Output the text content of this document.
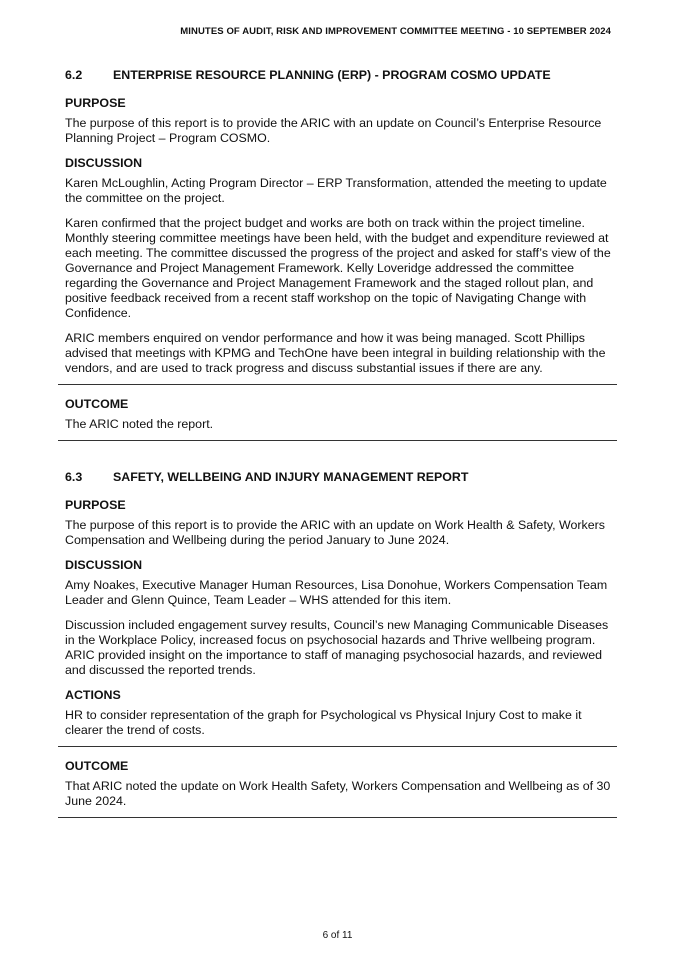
MINUTES OF AUDIT, RISK AND IMPROVEMENT COMMITTEE MEETING - 10 SEPTEMBER 2024
6.2	ENTERPRISE RESOURCE PLANNING (ERP) - PROGRAM COSMO UPDATE
PURPOSE

The purpose of this report is to provide the ARIC with an update on Council’s Enterprise Resource Planning Project – Program COSMO.

DISCUSSION

Karen McLoughlin, Acting Program Director – ERP Transformation, attended the meeting to update the committee on the project.

Karen confirmed that the project budget and works are both on track within the project timeline. Monthly steering committee meetings have been held, with the budget and expenditure reviewed at each meeting. The committee discussed the progress of the project and asked for staff’s view of the Governance and Project Management Framework. Kelly Loveridge addressed the committee regarding the Governance and Project Management Framework and the staged rollout plan, and positive feedback received from a recent staff workshop on the topic of Navigating Change with Confidence.

ARIC members enquired on vendor performance and how it was being managed. Scott Phillips advised that meetings with KPMG and TechOne have been integral in building relationship with the vendors, and are used to track progress and discuss substantial issues if there are any.

OUTCOME

The ARIC noted the report.

6.3	SAFETY, WELLBEING AND INJURY MANAGEMENT REPORT
PURPOSE

The purpose of this report is to provide the ARIC with an update on Work Health & Safety, Workers Compensation and Wellbeing during the period January to June 2024.

DISCUSSION

Amy Noakes, Executive Manager Human Resources, Lisa Donohue, Workers Compensation Team Leader and Glenn Quince, Team Leader – WHS attended for this item.

Discussion included engagement survey results, Council’s new Managing Communicable Diseases in the Workplace Policy, increased focus on psychosocial hazards and Thrive wellbeing program. ARIC provided insight on the importance to staff of managing psychosocial hazards, and reviewed and discussed the reported trends.

ACTIONS

HR to consider representation of the graph for Psychological vs Physical Injury Cost to make it clearer the trend of costs.

OUTCOME

That ARIC noted the update on Work Health Safety, Workers Compensation and Wellbeing as of 30 June 2024.

6 of 11
